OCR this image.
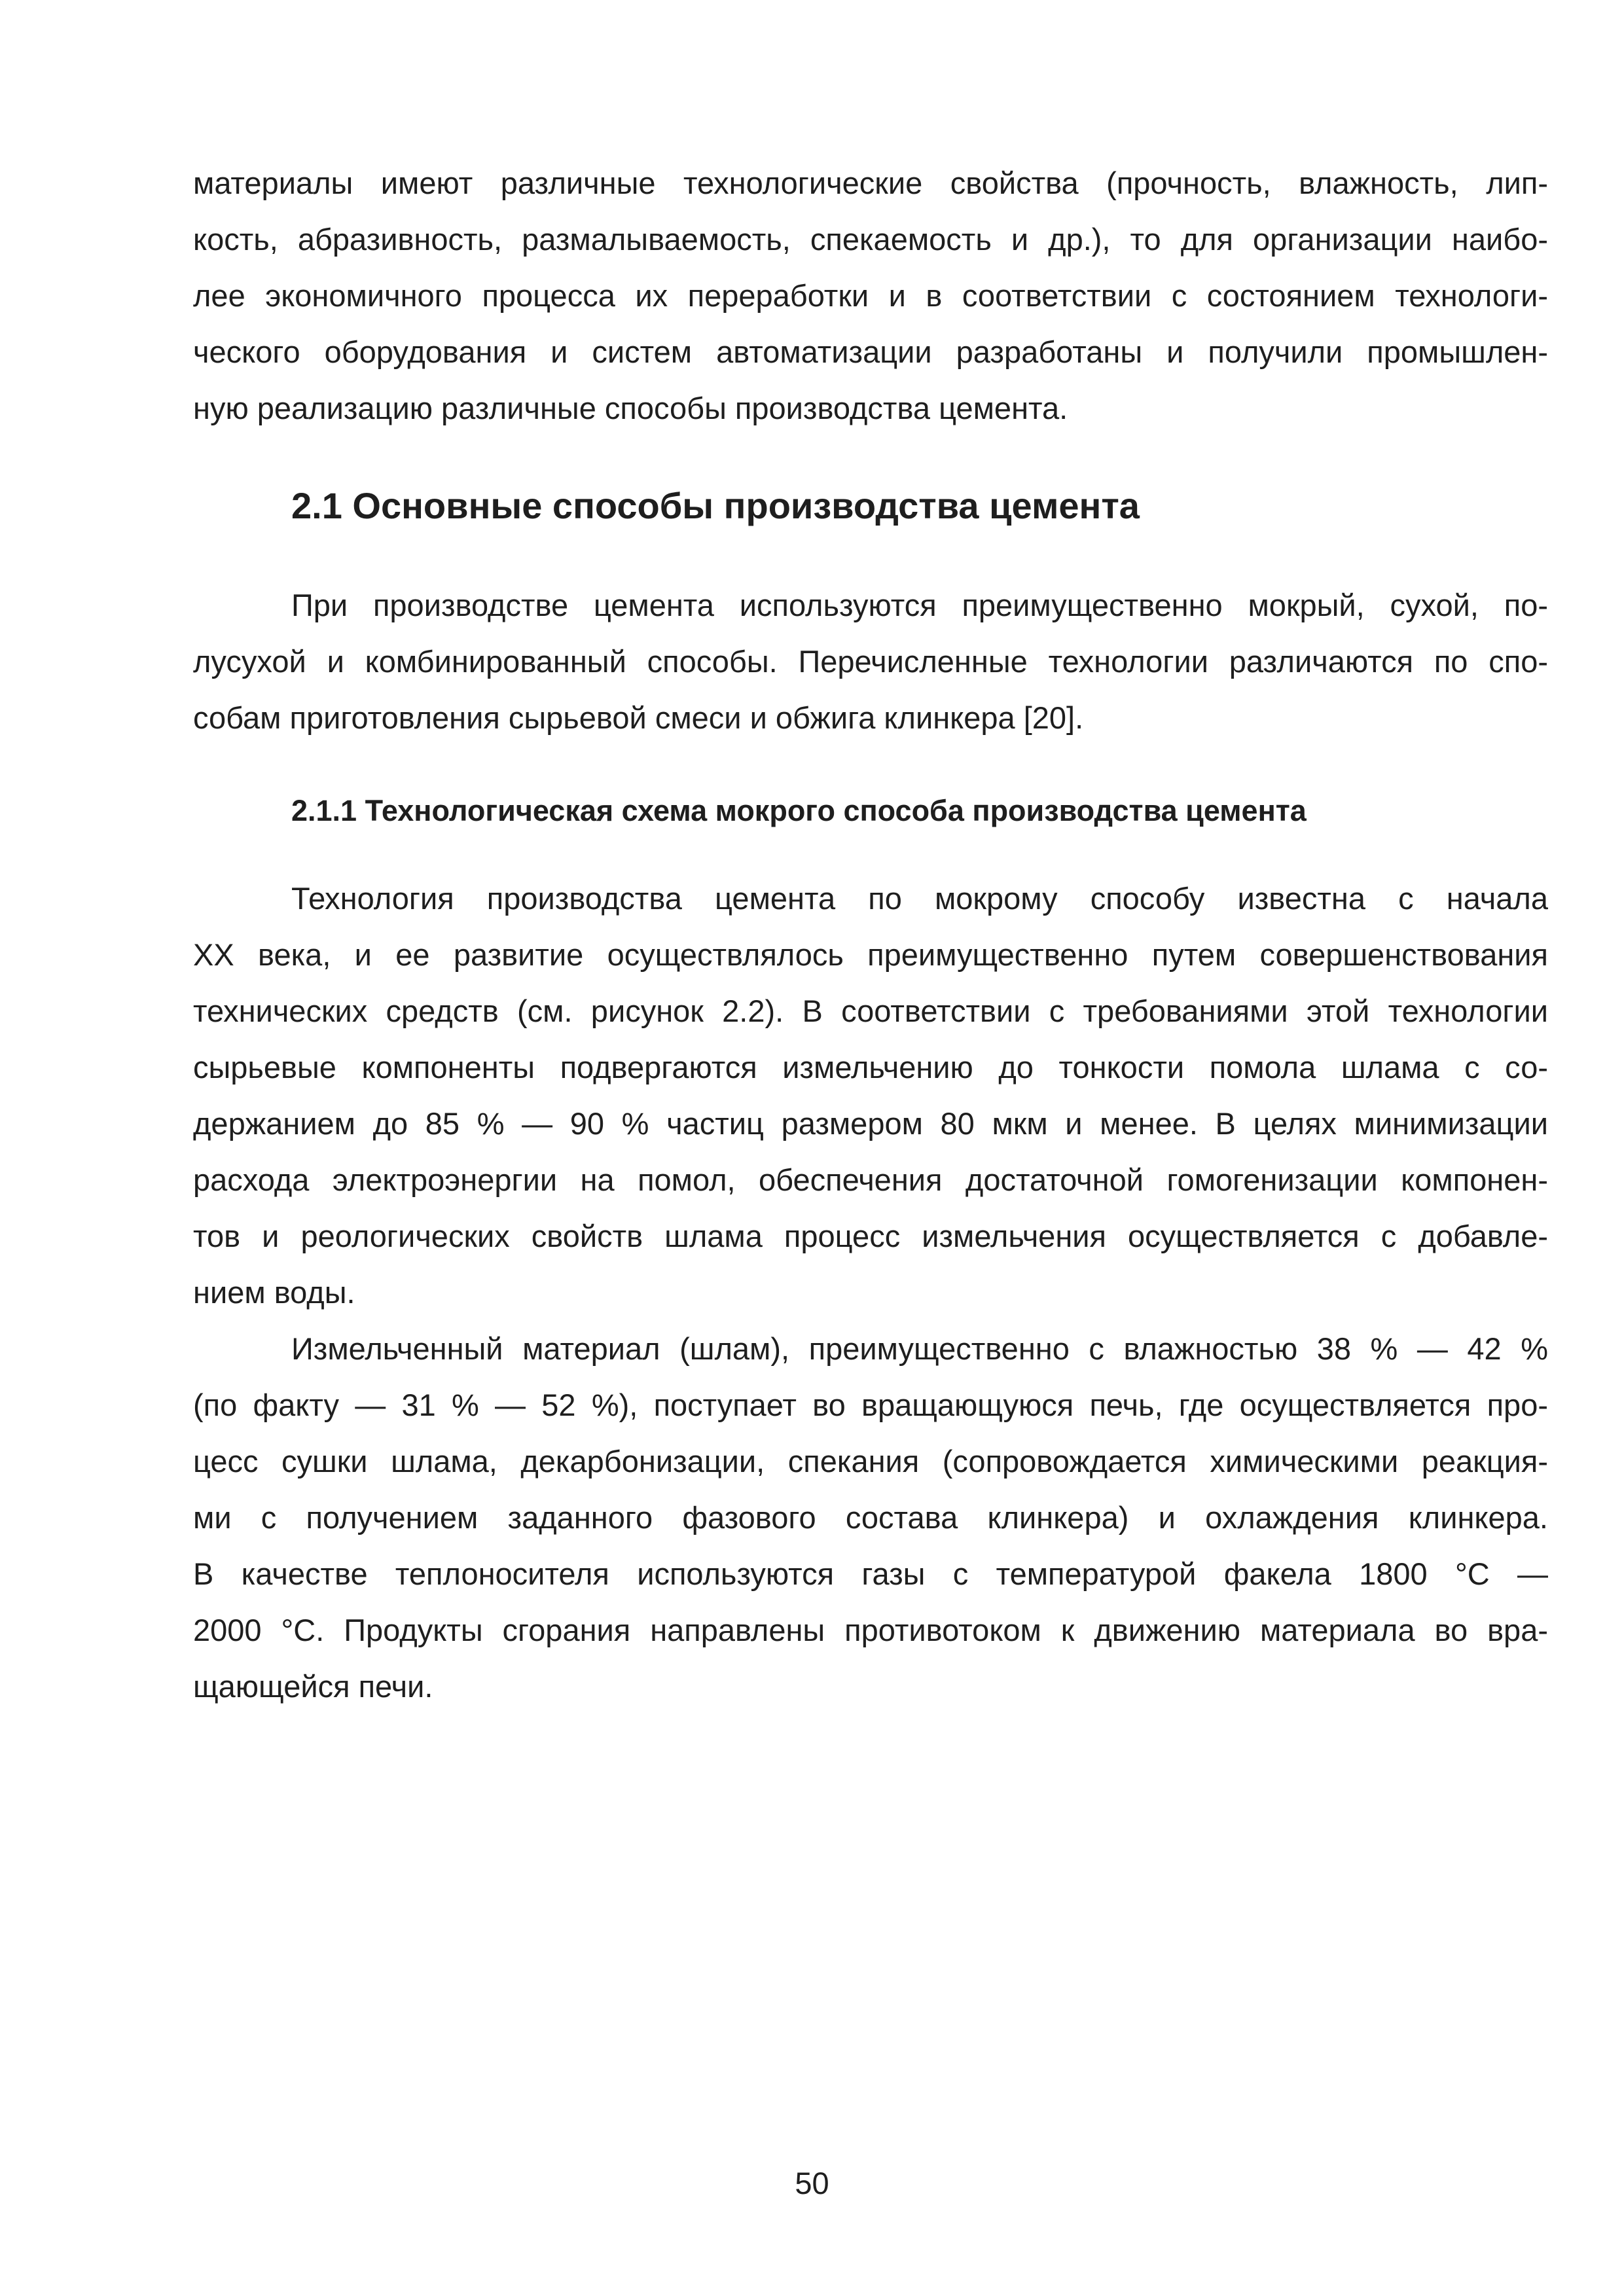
материалы имеют различные технологические свойства (прочность, влажность, лип-
кость, абразивность, размалываемость, спекаемость и др.), то для организации наибо-
лее экономичного процесса их переработки и в соответствии с состоянием технологи-
ческого оборудования и систем автоматизации разработаны и получили промышлен-
ную реализацию различные способы производства цемента.
2.1 Основные способы производства цемента
При производстве цемента используются преимущественно мокрый, сухой, по-
лусухой и комбинированный способы. Перечисленные технологии различаются по спо-
собам приготовления сырьевой смеси и обжига клинкера [20].
2.1.1 Технологическая схема мокрого способа производства цемента
Технология производства цемента по мокрому способу известна с начала
XX века, и ее развитие осуществлялось преимущественно путем совершенствования
технических средств (см. рисунок 2.2). В соответствии с требованиями этой технологии
сырьевые компоненты подвергаются измельчению до тонкости помола шлама с со-
держанием до 85 % — 90 % частиц размером 80 мкм и менее. В целях минимизации
расхода электроэнергии на помол, обеспечения достаточной гомогенизации компонен-
тов и реологических свойств шлама процесс измельчения осуществляется с добавле-
нием воды.
Измельченный материал (шлам), преимущественно с влажностью 38 % — 42 %
(по факту — 31 % — 52 %), поступает во вращающуюся печь, где осуществляется про-
цесс сушки шлама, декарбонизации, спекания (сопровождается химическими реакция-
ми с получением заданного фазового состава клинкера) и охлаждения клинкера.
В качестве теплоносителя используются газы с температурой факела 1800 °С —
2000 °С. Продукты сгорания направлены противотоком к движению материала во вра-
щающейся печи.
50
